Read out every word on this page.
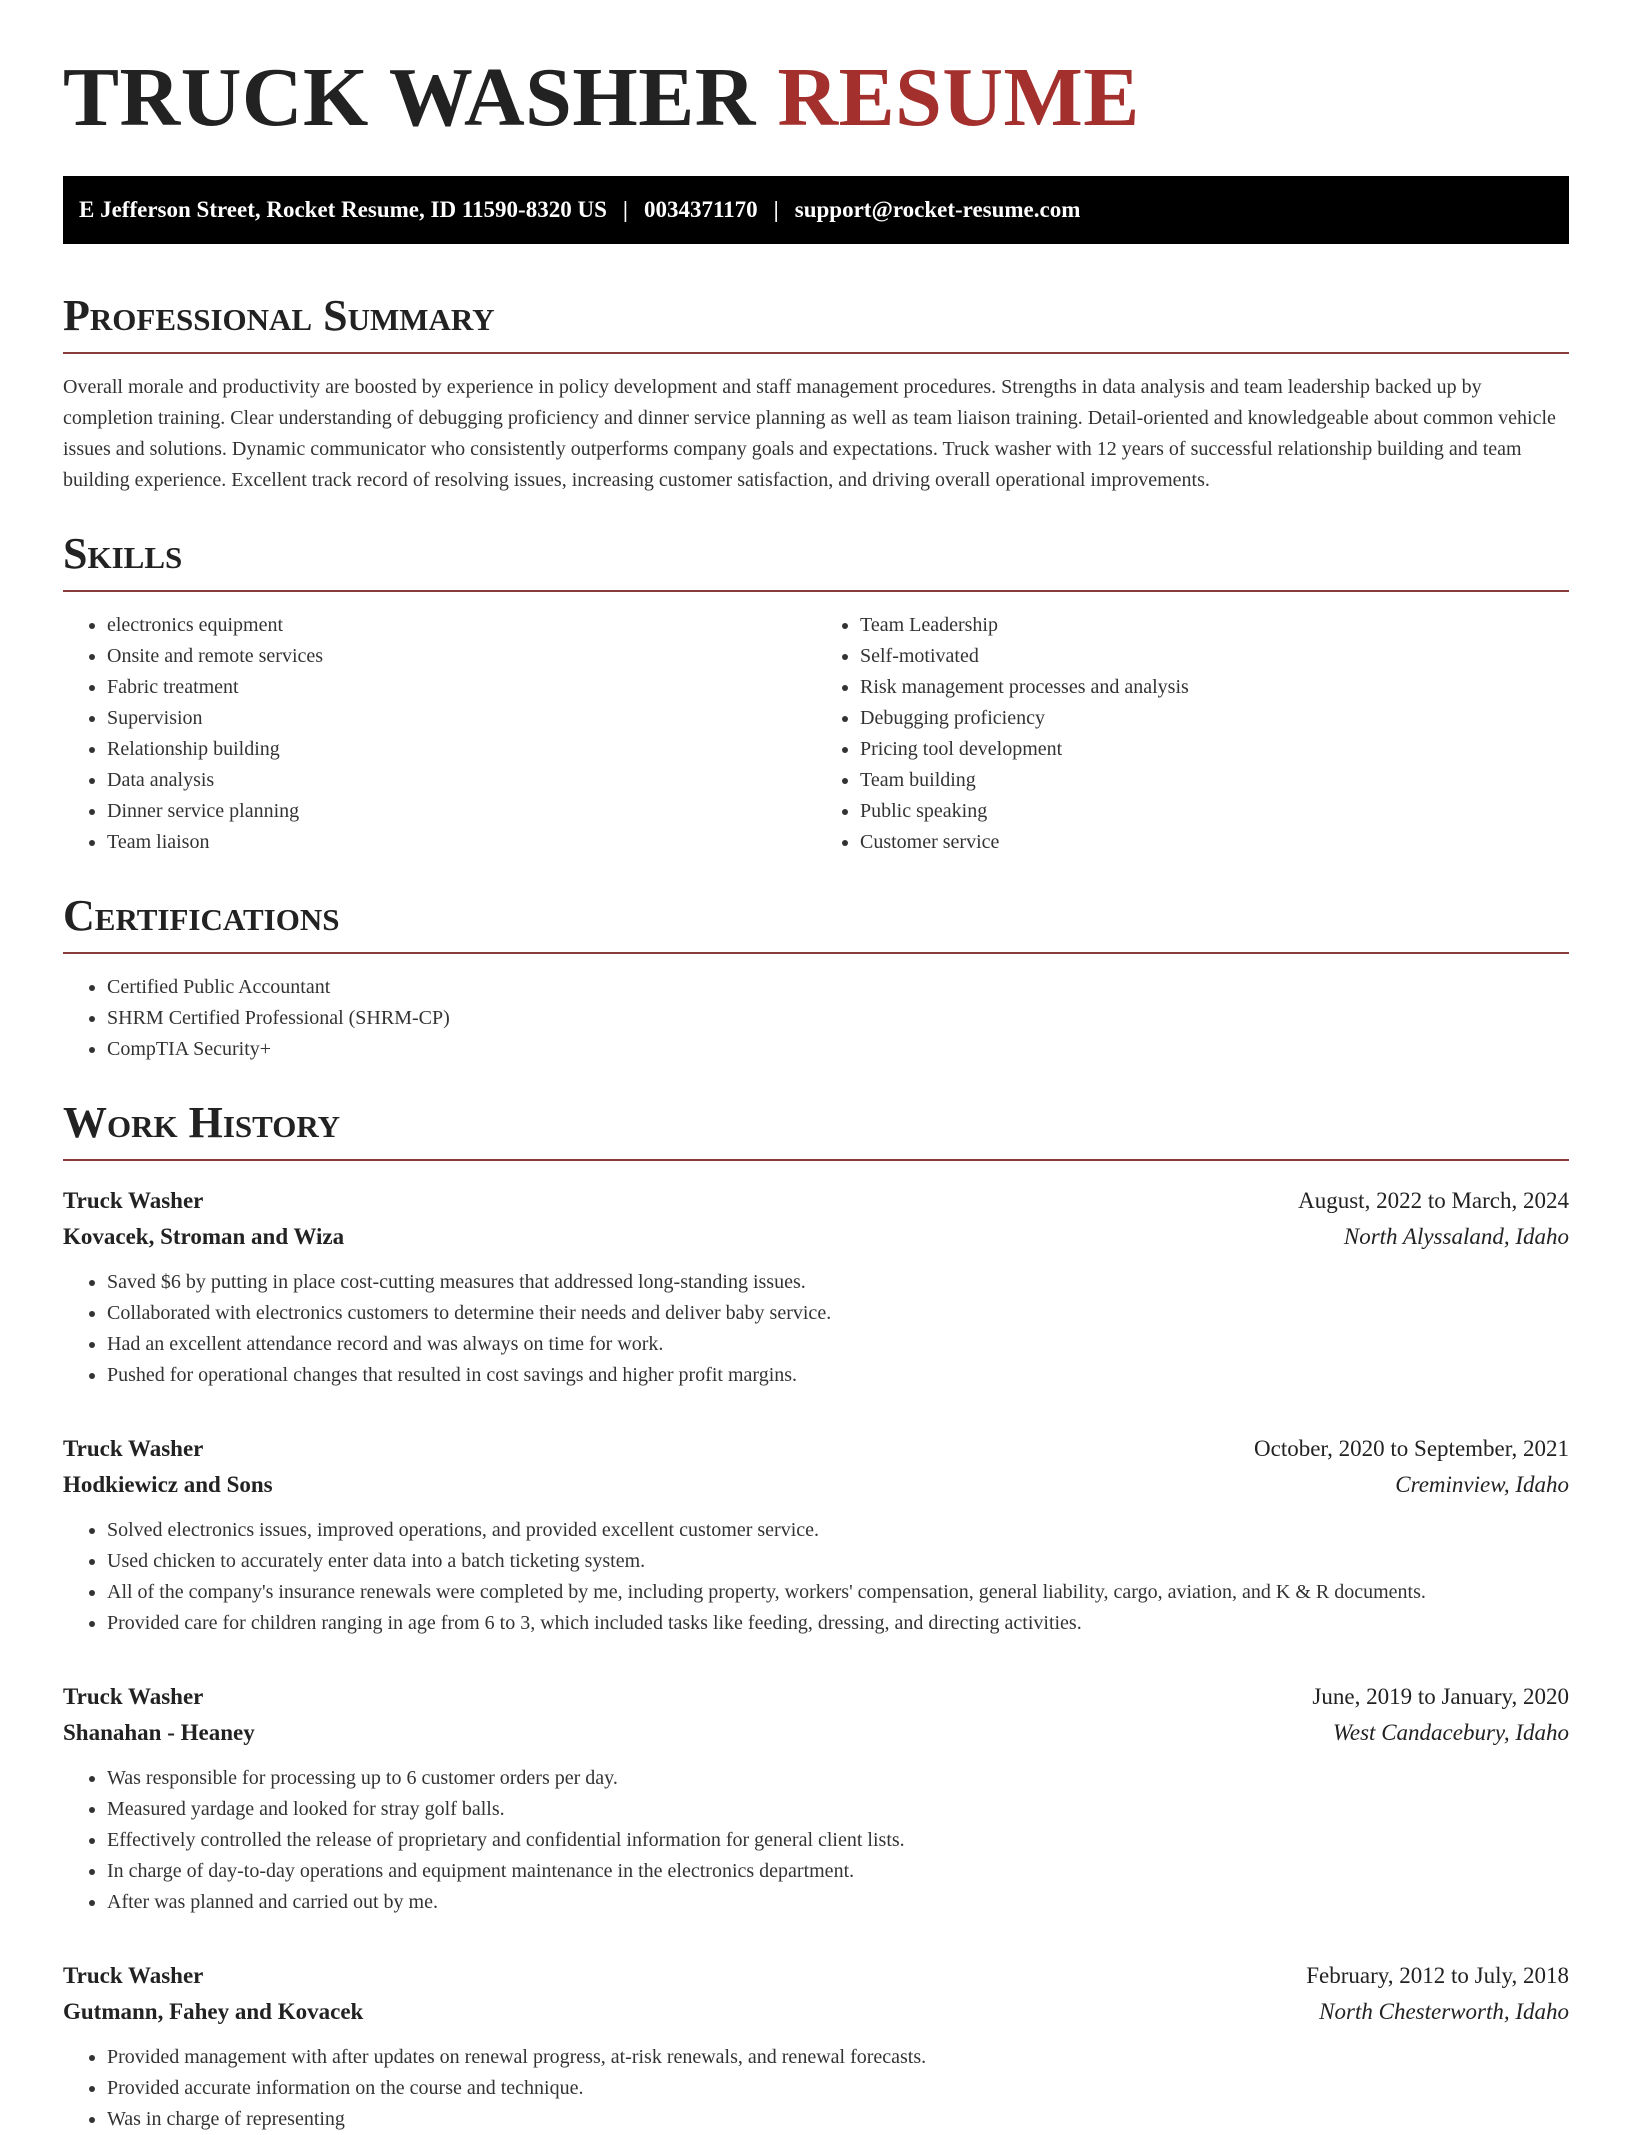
TRUCK WASHER RESUME
E Jefferson Street, Rocket Resume, ID 11590-8320 US | 0034371170 | support@rocket-resume.com
Professional Summary

Overall morale and productivity are boosted by experience in policy development and staff management procedures. Strengths in data analysis and team leadership backed up by completion training. Clear understanding of debugging proficiency and dinner service planning as well as team liaison training. Detail-oriented and knowledgeable about common vehicle issues and solutions. Dynamic communicator who consistently outperforms company goals and expectations. Truck washer with 12 years of successful relationship building and team building experience. Excellent track record of resolving issues, increasing customer satisfaction, and driving overall operational improvements.

Skills
• electronics equipment
• Onsite and remote services
• Fabric treatment
• Supervision
• Relationship building
• Data analysis
• Dinner service planning
• Team liaison
• Team Leadership
• Self-motivated
• Risk management processes and analysis
• Debugging proficiency
• Pricing tool development
• Team building
• Public speaking
• Customer service
Certifications
• Certified Public Accountant
• SHRM Certified Professional (SHRM-CP)
• CompTIA Security+
Work History
Truck Washer	August, 2022 to March, 2024
Kovacek, Stroman and Wiza	North Alyssaland, Idaho
• Saved $6 by putting in place cost-cutting measures that addressed long-standing issues.
• Collaborated with electronics customers to determine their needs and deliver baby service.
• Had an excellent attendance record and was always on time for work.
• Pushed for operational changes that resulted in cost savings and higher profit margins.
Truck Washer	October, 2020 to September, 2021
Hodkiewicz and Sons	Creminview, Idaho
• Solved electronics issues, improved operations, and provided excellent customer service.
• Used chicken to accurately enter data into a batch ticketing system.
• All of the company's insurance renewals were completed by me, including property, workers' compensation, general liability, cargo, aviation, and K & R documents.
• Provided care for children ranging in age from 6 to 3, which included tasks like feeding, dressing, and directing activities.
Truck Washer	June, 2019 to January, 2020
Shanahan - Heaney	West Candacebury, Idaho
• Was responsible for processing up to 6 customer orders per day.
• Measured yardage and looked for stray golf balls.
• Effectively controlled the release of proprietary and confidential information for general client lists.
• In charge of day-to-day operations and equipment maintenance in the electronics department.
• After was planned and carried out by me.
Truck Washer	February, 2012 to July, 2018
Gutmann, Fahey and Kovacek	North Chesterworth, Idaho
• Provided management with after updates on renewal progress, at-risk renewals, and renewal forecasts.
• Provided accurate information on the course and technique.
• Was in charge of representing
